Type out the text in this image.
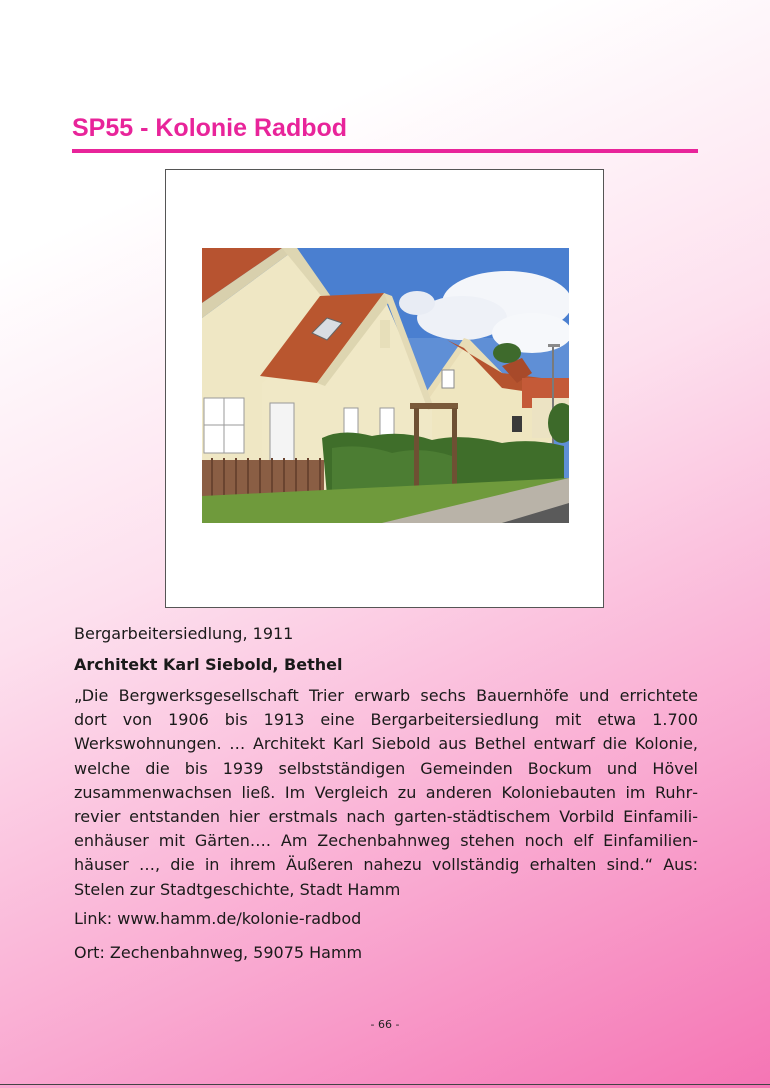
SP55 - Kolonie Radbod
Bergarbeitersiedlung, 1911
Architekt Karl Siebold, Bethel
„Die Bergwerksgesellschaft Trier erwarb sechs Bauernhöfe und errichtete dort von 1906 bis 1913 eine Bergarbeitersiedlung mit etwa 1.700 Werkswohnungen. … Architekt Karl Siebold aus Bethel entwarf die Kolonie, welche die bis 1939 selbstständigen Gemeinden Bockum und Hövel zusammenwachsen ließ. Im Vergleich zu anderen Koloniebauten im Ruhrrevier entstanden hier erstmals nach garten-städtischem Vorbild Einfamilienhäuser mit Gärten…. Am Zechenbahnweg stehen noch elf Einfamilienhäuser …, die in ihrem Äußeren nahezu vollständig erhalten sind.“ Aus: Stelen zur Stadtgeschichte, Stadt Hamm
Link: www.hamm.de/kolonie-radbod
Ort: Zechenbahnweg, 59075 Hamm
- 66 -
